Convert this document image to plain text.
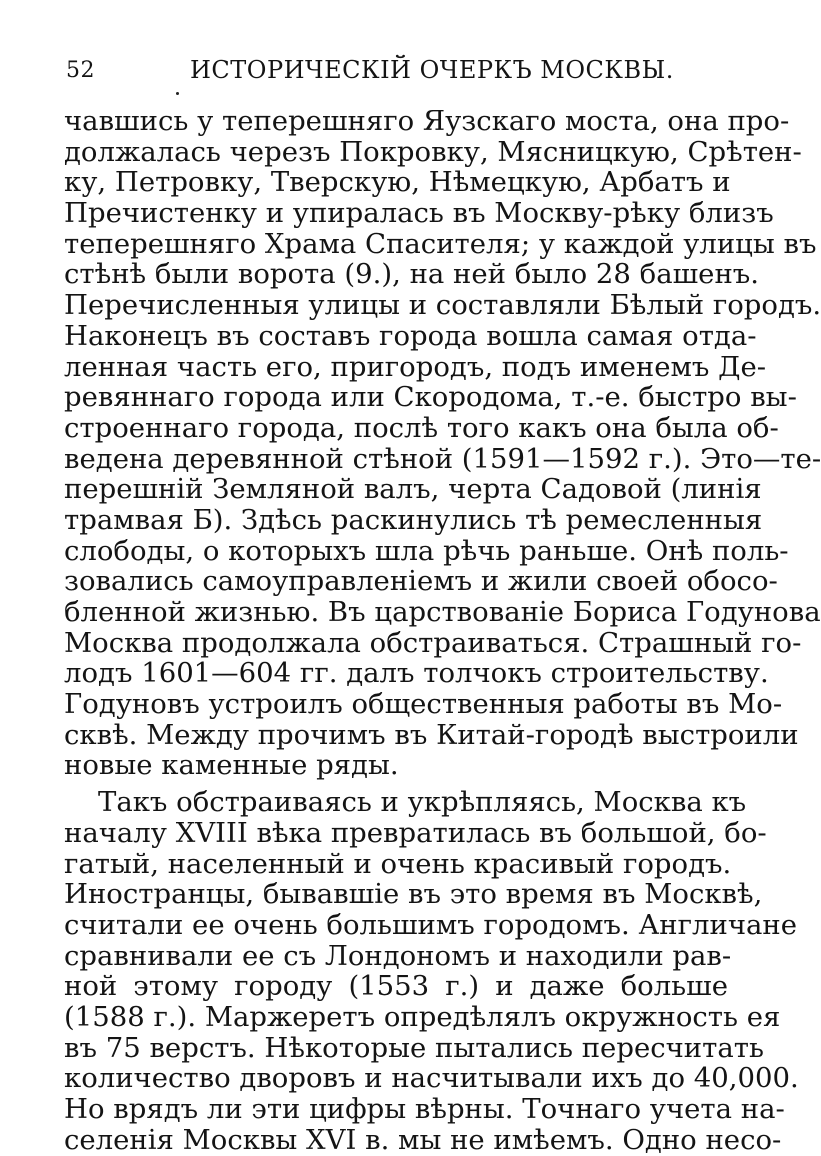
52	ИСТОРИЧЕСКІЙ ОЧЕРКЪ МОСКВЫ.
чавшись у теперешняго Яузскаго моста, она про-
должалась черезъ Покровку, Мясницкую, Срѣтен-
ку, Петровку, Тверскую, Нѣмецкую, Арбатъ и
Пречистенку и упиралась въ Москву-рѣку близъ
теперешняго Храма Спасителя; у каждой улицы въ
стѣнѣ были ворота (9.), на ней было 28 башенъ.
Перечисленныя улицы и составляли Бѣлый городъ.
Наконецъ въ составъ города вошла самая отда-
ленная часть его, пригородъ, подъ именемъ Де-
ревяннаго города или Скородома, т.-е. быстро вы-
строеннаго города, послѣ того какъ она была об-
ведена деревянной стѣной (1591—1592 г.). Это—те-
перешній Земляной валъ, черта Садовой (линія
трамвая Б). Здѣсь раскинулись тѣ ремесленныя
слободы, о которыхъ шла рѣчь раньше. Онѣ поль-
зовались самоуправленіемъ и жили своей обосо-
бленной жизнью. Въ царствованіе Бориса Годунова
Москва продолжала обстраиваться. Страшный го-
лодъ 1601—604 гг. далъ толчокъ строительству.
Годуновъ устроилъ общественныя работы въ Мо-
сквѣ. Между прочимъ въ Китай-городѣ выстроили
новые каменные ряды.
Такъ обстраиваясь и укрѣпляясь, Москва къ
началу XVIII вѣка превратилась въ большой, бо-
гатый, населенный и очень красивый городъ.
Иностранцы, бывавшіе въ это время въ Москвѣ,
считали ее очень большимъ городомъ. Англичане
сравнивали ее съ Лондономъ и находили рав-
ной этому городу (1553 г.) и даже больше
(1588 г.). Маржеретъ опредѣлялъ окружность ея
въ 75 верстъ. Нѣкоторые пытались пересчитать
количество дворовъ и насчитывали ихъ до 40,000.
Но врядъ ли эти цифры вѣрны. Точнаго учета на-
селенія Москвы XVI в. мы не имѣемъ. Одно несо-
